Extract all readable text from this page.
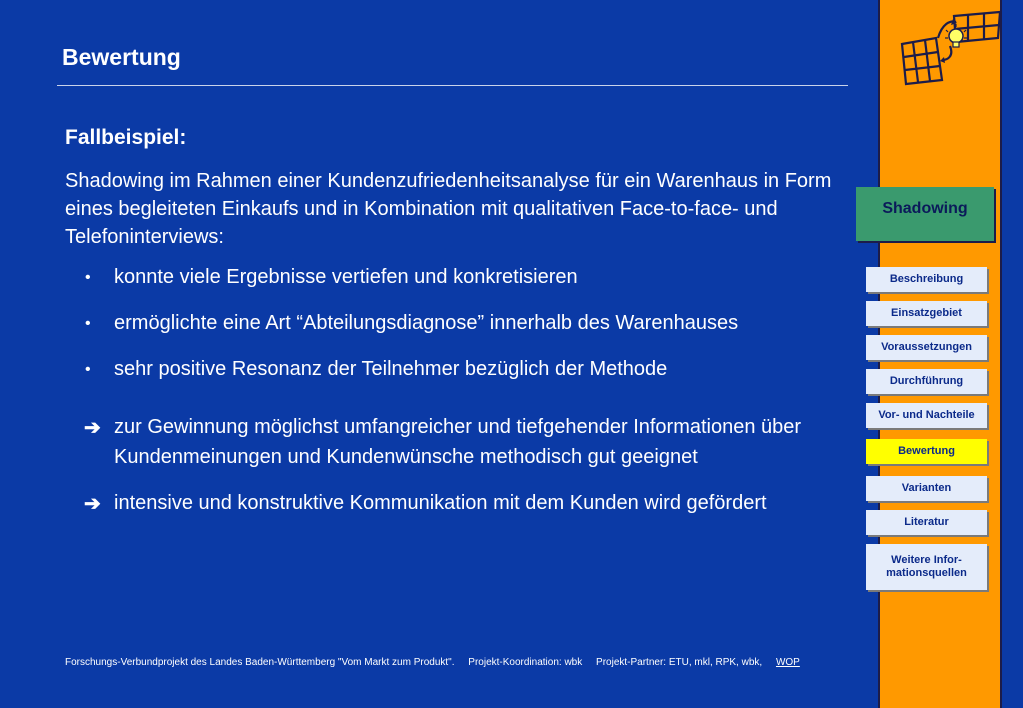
Bewertung

Fallbeispiel:

Shadowing im Rahmen einer Kundenzufriedenheitsanalyse für ein Warenhaus in Form eines begleiteten Einkaufs und in Kombination mit qualitativen Face-to-face- und Telefoninterviews:

• konnte viele Ergebnisse vertiefen und konkretisieren
• ermöglichte eine Art “Abteilungsdiagnose” innerhalb des Warenhauses
• sehr positive Resonanz der Teilnehmer bezüglich der Methode
➔ zur Gewinnung möglichst umfangreicher und tiefgehender Informationen über Kundenmeinungen und Kundenwünsche methodisch gut geeignet
➔ intensive und konstruktive Kommunikation mit dem Kunden wird gefördert
Forschungs-Verbundprojekt des Landes Baden-Württemberg "Vom Markt zum Produkt". Projekt-Koordination: wbk Projekt-Partner: ETU, mkl, RPK, wbk, WOP
Shadowing
Beschreibung
Einsatzgebiet
Voraussetzungen
Durchführung
Vor- und Nachteile
Bewertung
Varianten
Literatur
Weitere Infor-
mationsquellen
